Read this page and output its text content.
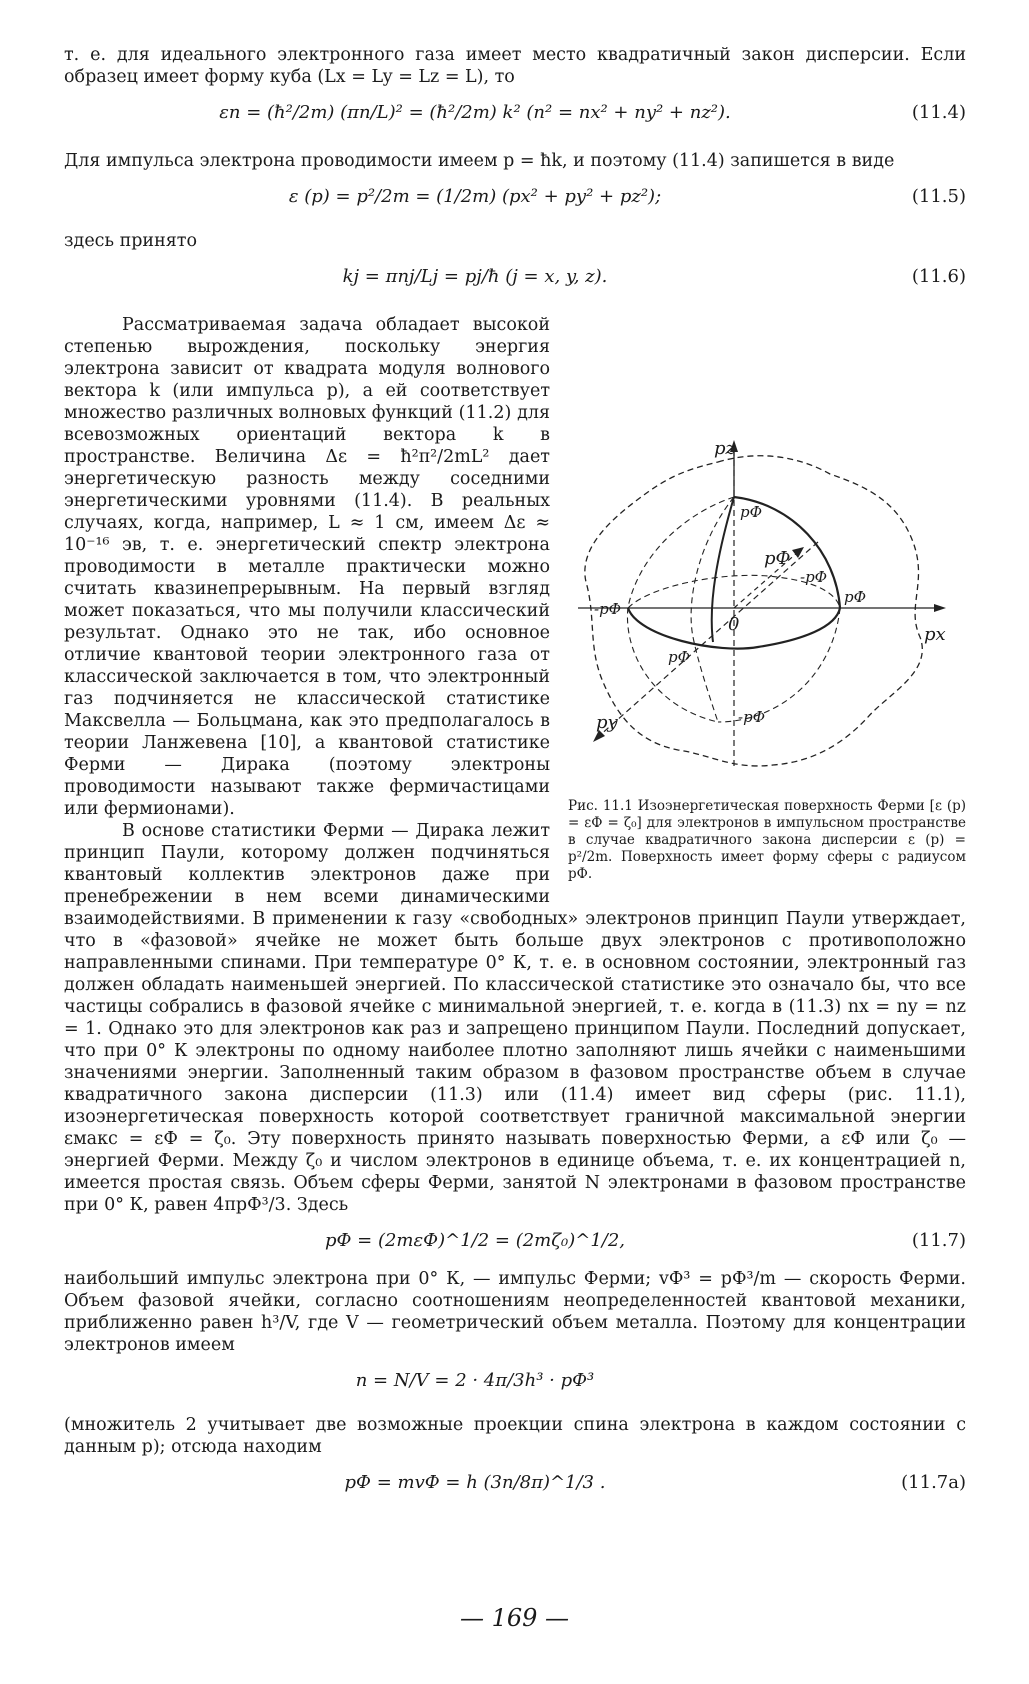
т. е. для идеального электронного газа имеет место квадратичный закон дисперсии. Если образец имеет форму куба (Lx = Ly = Lz = L), то

εn = (ħ²/2m) (πn/L)² = (ħ²/2m) k² (n² = nx² + ny² + nz²).	(11.4)

Для импульса электрона проводимости имеем p = ħk, и поэтому (11.4) запишется в виде

ε (p) = p²/2m = (1/2m) (px² + py² + pz²);	(11.5)

здесь принято

kj = πnj/Lj = pj/ħ (j = x, y, z).	(11.6)
pz
px
py
0
pФ
pФ
-pФ
pФ
-pФ
pФ
-pФ
Рис. 11.1 Изоэнергетическая поверхность Ферми [ε (p) = εФ = ζ₀] для электронов в импульсном пространстве в случае квадратичного закона дисперсии ε (p) = p²/2m. Поверхность имеет форму сферы с радиусом pФ.

Рассматриваемая задача обладает высокой степенью вырождения, поскольку энергия электрона зависит от квадрата модуля волнового вектора k (или импульса p), а ей соответствует множество различных волновых функций (11.2) для всевозможных ориентаций вектора k в пространстве. Величина Δε = ħ²π²/2mL² дает энергетическую разность между соседними энергетическими уровнями (11.4). В реальных случаях, когда, например, L ≈ 1 см, имеем Δε ≈ 10⁻¹⁶ эв, т. е. энергетический спектр электрона проводимости в металле практически можно считать квазинепрерывным. На первый взгляд может показаться, что мы получили классический результат. Однако это не так, ибо основное отличие квантовой теории электронного газа от классической заключается в том, что электронный газ подчиняется не классической статистике Максвелла — Больцмана, как это предполагалось в теории Ланжевена [10], а квантовой статистике Ферми — Дирака (поэтому электроны проводимости называют также фермичастицами или фермионами).

В основе статистики Ферми — Дирака лежит принцип Паули, которому должен подчиняться квантовый коллектив электронов даже при пренебрежении в нем всеми динамическими взаимодействиями. В применении к газу «свободных» электронов принцип Паули утверждает, что в «фазовой» ячейке не может быть больше двух электронов с противоположно направленными спинами. При температуре 0° К, т. е. в основном состоянии, электронный газ должен обладать наименьшей энергией. По классической статистике это означало бы, что все частицы собрались в фазовой ячейке с минимальной энергией, т. е. когда в (11.3) nx = ny = nz = 1. Однако это для электронов как раз и запрещено принципом Паули. Последний допускает, что при 0° К электроны по одному наиболее плотно заполняют лишь ячейки с наименьшими значениями энергии. Заполненный таким образом в фазовом пространстве объем в случае квадратичного закона дисперсии (11.3) или (11.4) имеет вид сферы (рис. 11.1), изоэнергетическая поверхность которой соответствует граничной максимальной энергии εмакс = εФ = ζ₀. Эту поверхность принято называть поверхностью Ферми, а εФ или ζ₀ — энергией Ферми. Между ζ₀ и числом электронов в единице объема, т. е. их концентрацией n, имеется простая связь. Объем сферы Ферми, занятой N электронами в фазовом пространстве при 0° К, равен 4πpФ³/3. Здесь

pФ = (2mεФ)^1/2 = (2mζ₀)^1/2,	(11.7)

наибольший импульс электрона при 0° К, — импульс Ферми; vФ³ = pФ³/m — скорость Ферми. Объем фазовой ячейки, согласно соотношениям неопределенностей квантовой механики, приближенно равен h³/V, где V — геометрический объем металла. Поэтому для концентрации электронов имеем

n = N/V = 2 · 4π/3h³ · pФ³

(множитель 2 учитывает две возможные проекции спина электрона в каждом состоянии с данным p); отсюда находим

pФ = mvФ = h (3n/8π)^1/3 .	(11.7a)
— 169 —
